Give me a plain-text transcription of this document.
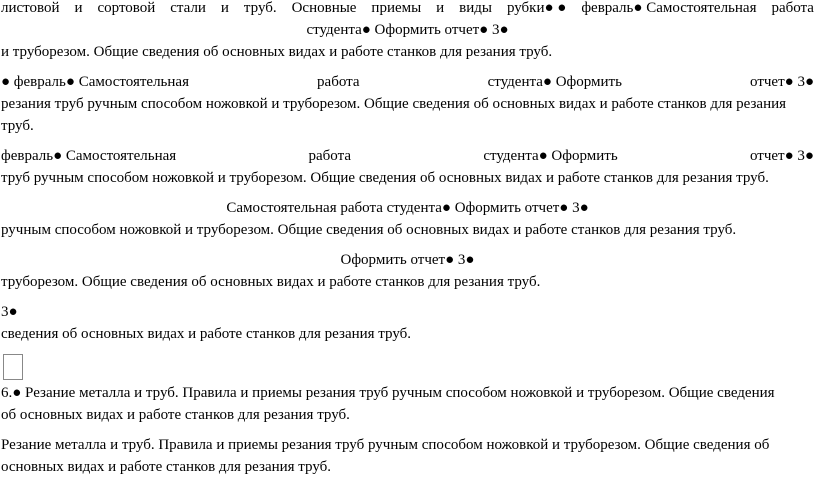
листовой и сортовой стали и труб. Основные приемы и виды рубки● ● февраль● Самостоятельная работа
студента● Оформить отчет● 3●
и труборезом. Общие сведения об основных видах и работе станков для резания труб.
● февраль● Самостоятельная	работа	студента● Оформить	отчет● 3●
резания труб ручным способом ножовкой и труборезом. Общие сведения об основных видах и работе станков для резания
труб.
февраль● Самостоятельная	работа	студента● Оформить	отчет● 3●
труб ручным способом ножовкой и труборезом. Общие сведения об основных видах и работе станков для резания труб.
Самостоятельная работа студента● Оформить отчет● 3●
ручным способом ножовкой и труборезом. Общие сведения об основных видах и работе станков для резания труб.
Оформить отчет● 3●
труборезом. Общие сведения об основных видах и работе станков для резания труб.
3●
сведения об основных видах и работе станков для резания труб.
6.● Резание металла и труб. Правила и приемы резания труб ручным способом ножовкой и труборезом. Общие сведения
об основных видах и работе станков для резания труб.
Резание металла и труб. Правила и приемы резания труб ручным способом ножовкой и труборезом. Общие сведения об
основных видах и работе станков для резания труб.
